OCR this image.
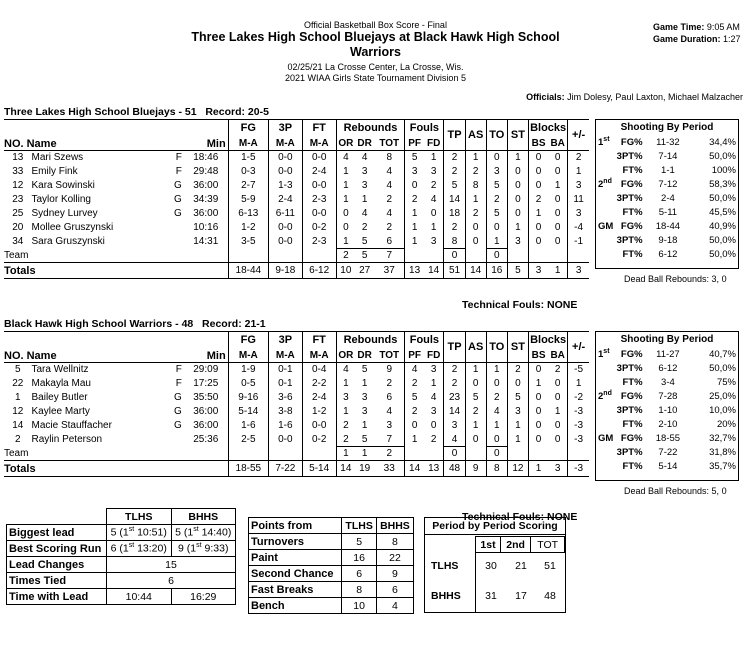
Official Basketball Box Score - Final
Three Lakes High School Bluejays at Black Hawk High School
Warriors
02/25/21 La Crosse Center, La Crosse, Wis.
2021 WIAA Girls State Tournament Division 5
Game Time: 9:05 AM
Game Duration: 1:27
Officials: Jim Dolesy, Paul Laxton, Michael Malzacher
Three Lakes High School Bluejays - 51 Record: 20-5
NO. Name			Min	FG	3P	FT	Rebounds			Fouls		TP	AS	TO	ST	Blocks		+/-
				M-A	M-A	M-A	OR	DR	TOT	PF	FD					BS	BA	
13	Mari Szews	F	18:46	1-5	0-0	0-0	4	4	8	5	1	2	1	0	1	0	0	2
33	Emily Fink	F	29:48	0-3	0-0	2-4	1	3	4	3	3	2	2	3	0	0	0	1
12	Kara Sowinski	G	36:00	2-7	1-3	0-0	1	3	4	0	2	5	8	5	0	0	1	3
23	Taylor Kolling	G	34:39	5-9	2-4	2-3	1	1	2	2	4	14	1	2	0	2	0	11
25	Sydney Lurvey	G	36:00	6-13	6-11	0-0	0	4	4	1	0	18	2	5	0	1	0	3
20	Mollee Gruszynski		10:16	1-2	0-0	0-2	0	2	2	1	1	2	0	0	1	0	0	-4
34	Sara Gruszynski		14:31	3-5	0-0	2-3	1	5	6	1	3	8	0	1	3	0	0	-1
Team							2	5	7			0		0				
Totals				18-44	9-18	6-12	10	27	37	13	14	51	14	16	5	3	1	3
Technical Fouls: NONE
Shooting By Period
1st	FG%	11-32	34,4%
	3PT%	7-14	50,0%
	FT%	1-1	100%
2nd	FG%	7-12	58,3%
	3PT%	2-4	50,0%
	FT%	5-11	45,5%
GM	FG%	18-44	40,9%
	3PT%	9-18	50,0%
	FT%	6-12	50,0%
Dead Ball Rebounds: 3, 0
Black Hawk High School Warriors - 48 Record: 21-1
NO. Name			Min	FG	3P	FT	Rebounds			Fouls		TP	AS	TO	ST	Blocks		+/-
				M-A	M-A	M-A	OR	DR	TOT	PF	FD					BS	BA	
5	Tara Wellnitz	F	29:09	1-9	0-1	0-4	4	5	9	4	3	2	1	1	2	0	2	-5
22	Makayla Mau	F	17:25	0-5	0-1	2-2	1	1	2	2	1	2	0	0	0	1	0	1
1	Bailey Butler	G	35:50	9-16	3-6	2-4	3	3	6	5	4	23	5	2	5	0	0	-2
12	Kaylee Marty	G	36:00	5-14	3-8	1-2	1	3	4	2	3	14	2	4	3	0	1	-3
14	Macie Stauffacher	G	36:00	1-6	1-6	0-0	2	1	3	0	0	3	1	1	1	0	0	-3
2	Raylin Peterson		25:36	2-5	0-0	0-2	2	5	7	1	2	4	0	0	1	0	0	-3
Team							1	1	2			0		0				
Totals				18-55	7-22	5-14	14	19	33	14	13	48	9	8	12	1	3	-3
Technical Fouls: NONE
Shooting By Period
1st	FG%	11-27	40,7%
	3PT%	6-12	50,0%
	FT%	3-4	75%
2nd	FG%	7-28	25,0%
	3PT%	1-10	10,0%
	FT%	2-10	20%
GM	FG%	18-55	32,7%
	3PT%	7-22	31,8%
	FT%	5-14	35,7%
Dead Ball Rebounds: 5, 0
	TLHS	BHHS
Biggest lead	5 (1st 10:51)	5 (1st 14:40)
Best Scoring Run	6 (1st 13:20)	9 (1st 9:33)
Lead Changes	15	
Times Tied	6	
Time with Lead	10:44	16:29
Points from	TLHS	BHHS
Turnovers	5	8
Paint	16	22
Second Chance	6	9
Fast Breaks	8	6
Bench	10	4
Period by Period Scoring
1st	2nd	TOT
TLHS	30	21	51
BHHS	31	17	48
